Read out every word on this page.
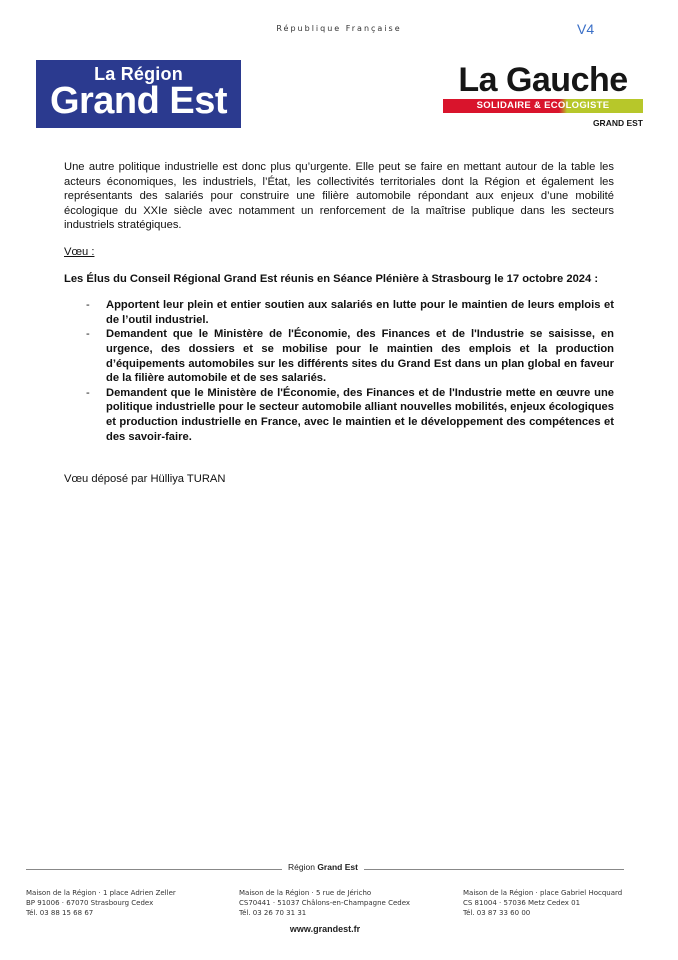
République Française	V4
La Région
Grand Est	La Gauche
SOLIDAIRE & ECOLOGISTE
GRAND EST

Une autre politique industrielle est donc plus qu’urgente. Elle peut se faire en mettant autour de la table les acteurs économiques, les industriels, l’État, les collectivités territoriales dont la Région et également les représentants des salariés pour construire une filière automobile répondant aux enjeux d’une mobilité écologique du XXIe siècle avec notamment un renforcement de la maîtrise publique dans les secteurs industriels stratégiques.

Vœu :

Les Élus du Conseil Régional Grand Est réunis en Séance Plénière à Strasbourg le 17 octobre 2024 :

- Apportent leur plein et entier soutien aux salariés en lutte pour le maintien de leurs emplois et de l’outil industriel.
- Demandent que le Ministère de l'Économie, des Finances et de l'Industrie se saisisse, en urgence, des dossiers et se mobilise pour le maintien des emplois et la production d’équipements automobiles sur les différents sites du Grand Est dans un plan global en faveur de la filière automobile et de ses salariés.
- Demandent que le Ministère de l'Économie, des Finances et de l'Industrie mette en œuvre une politique industrielle pour le secteur automobile alliant nouvelles mobilités, enjeux écologiques et production industrielle en France, avec le maintien et le développement des compétences et des savoir-faire.

Vœu déposé par Hülliya TURAN

Région Grand Est
Maison de la Région · 1 place Adrien Zeller
BP 91006 · 67070 Strasbourg Cedex
Tél. 03 88 15 68 67
Maison de la Région · 5 rue de Jéricho
CS70441 · 51037 Châlons-en-Champagne Cedex
Tél. 03 26 70 31 31
Maison de la Région · place Gabriel Hocquard
CS 81004 · 57036 Metz Cedex 01
Tél. 03 87 33 60 00
www.grandest.fr
